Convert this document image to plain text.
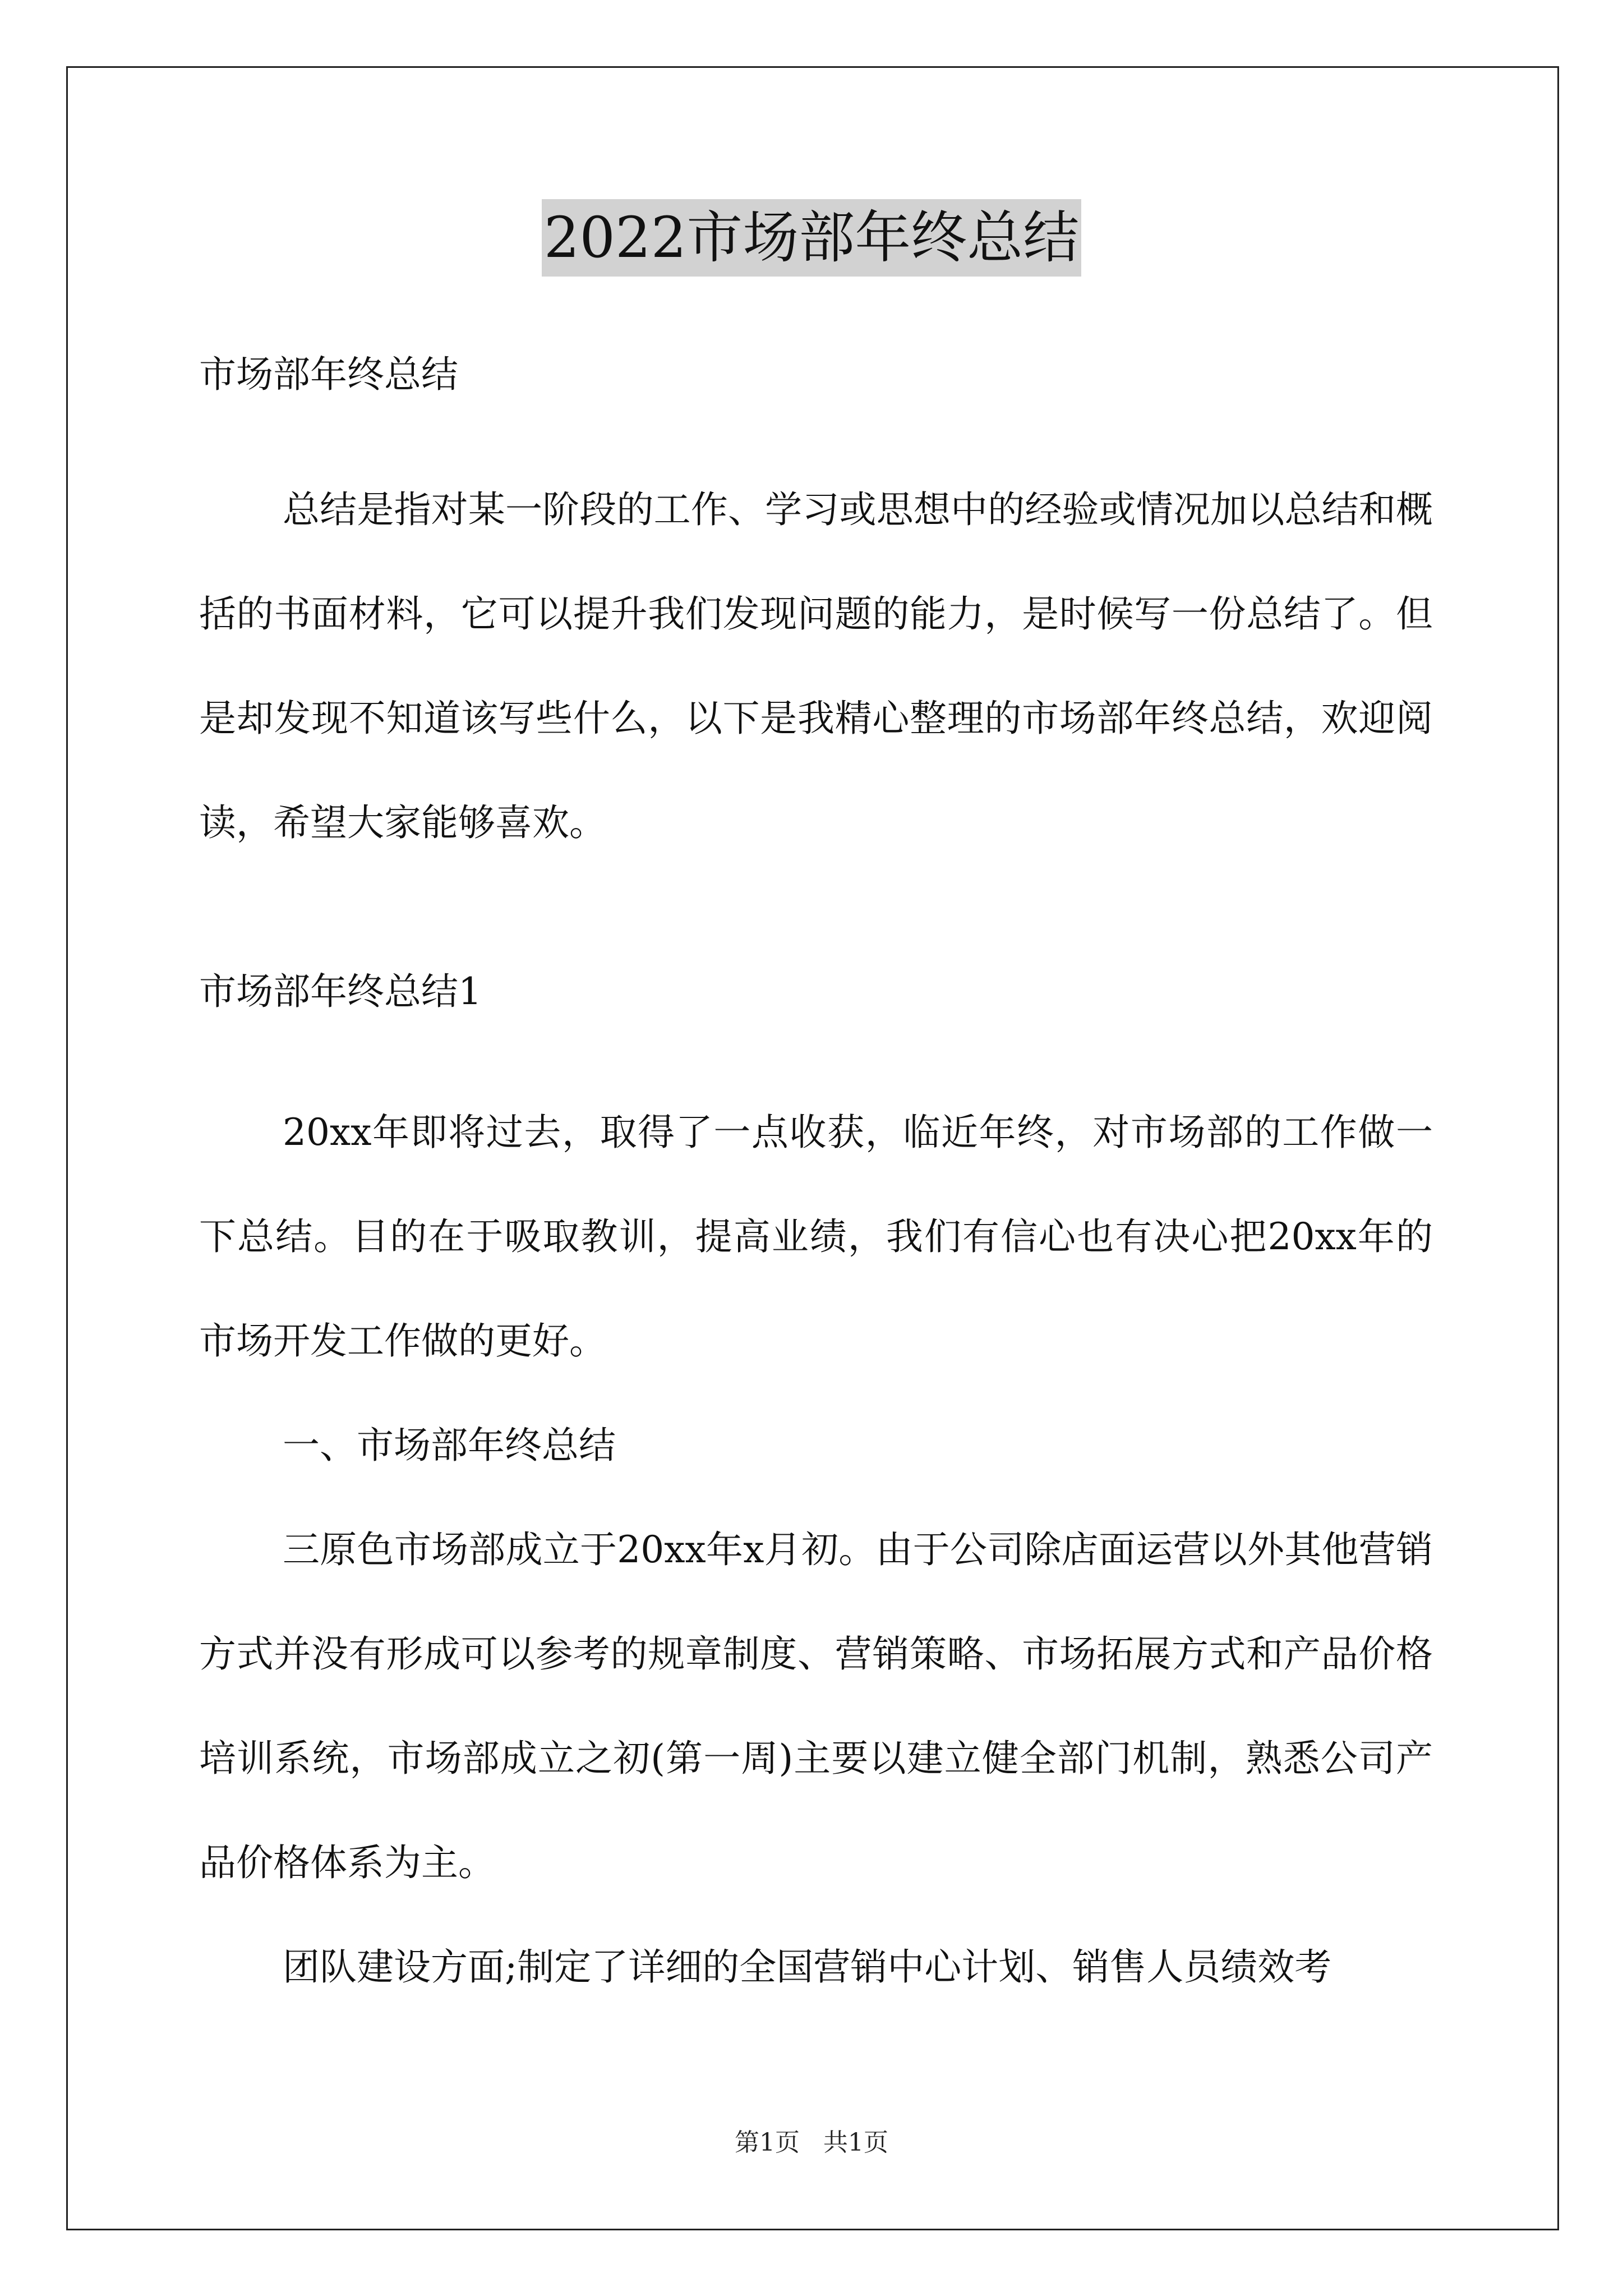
2022市场部年终总结

市场部年终总结

总结是指对某一阶段的工作、学习或思想中的经验或情况加以总结和概括的书面材料，它可以提升我们发现问题的能力，是时候写一份总结了。但是却发现不知道该写些什么，以下是我精心整理的市场部年终总结，欢迎阅读，希望大家能够喜欢。

市场部年终总结1

20xx年即将过去，取得了一点收获，临近年终，对市场部的工作做一下总结。目的在于吸取教训，提高业绩，我们有信心也有决心把20xx年的市场开发工作做的更好。

一、市场部年终总结

三原色市场部成立于20xx年x月初。由于公司除店面运营以外其他营销方式并没有形成可以参考的规章制度、营销策略、市场拓展方式和产品价格培训系统，市场部成立之初(第一周)主要以建立健全部门机制，熟悉公司产品价格体系为主。

团队建设方面;制定了详细的全国营销中心计划、销售人员绩效考

第1页   共1页
